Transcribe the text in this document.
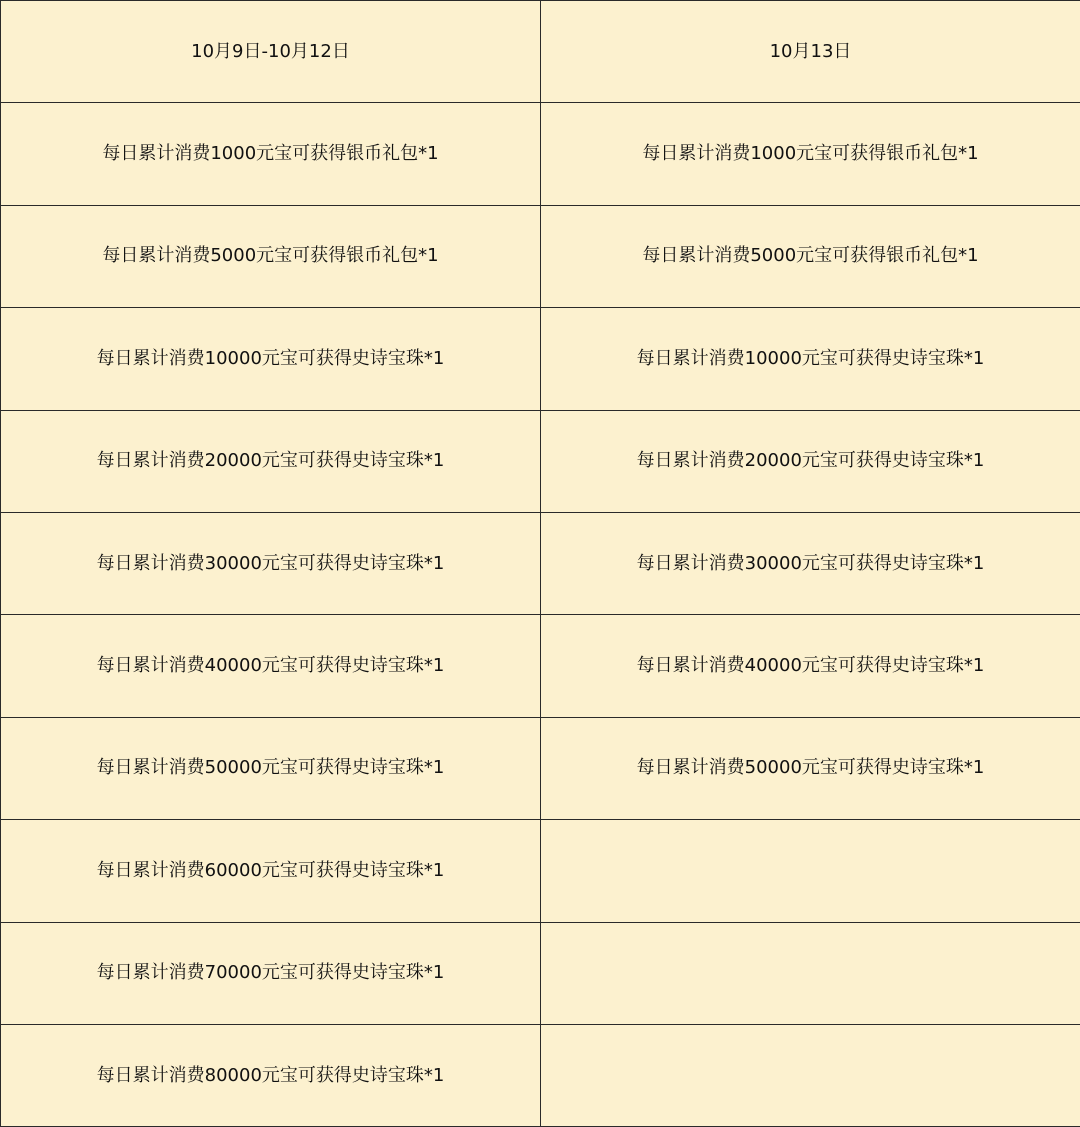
10月9日-10月12日	10月13日
每日累计消费1000元宝可获得银币礼包*1	每日累计消费1000元宝可获得银币礼包*1
每日累计消费5000元宝可获得银币礼包*1	每日累计消费5000元宝可获得银币礼包*1
每日累计消费10000元宝可获得史诗宝珠*1	每日累计消费10000元宝可获得史诗宝珠*1
每日累计消费20000元宝可获得史诗宝珠*1	每日累计消费20000元宝可获得史诗宝珠*1
每日累计消费30000元宝可获得史诗宝珠*1	每日累计消费30000元宝可获得史诗宝珠*1
每日累计消费40000元宝可获得史诗宝珠*1	每日累计消费40000元宝可获得史诗宝珠*1
每日累计消费50000元宝可获得史诗宝珠*1	每日累计消费50000元宝可获得史诗宝珠*1
每日累计消费60000元宝可获得史诗宝珠*1	
每日累计消费70000元宝可获得史诗宝珠*1	
每日累计消费80000元宝可获得史诗宝珠*1	
